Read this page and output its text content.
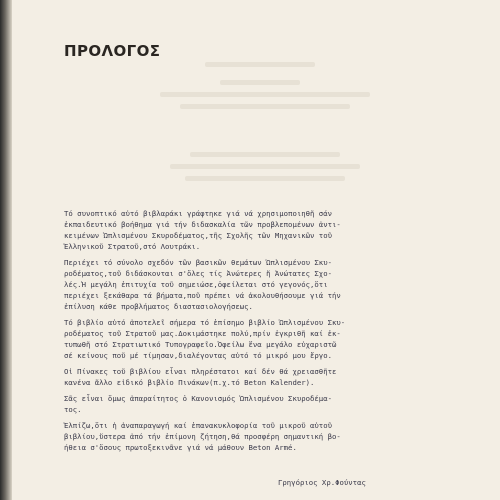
ΠΡΟΛΟΓΟΣ

Τό συνοπτικό αὐτό βιβλαράκι γράφτηκε γιά νά χρησιμοποιηθῆ σάν
ἐκπαιδευτικό βοήθημα γιά τήν διδασκαλία τῶν προβλεπομένων ἀντι-
κειμένων Ὡπλισμένου Σκυροδέματος,τῆς Σχολῆς τῶν Μηχανικῶν τοῦ
Ἑλληνικοῦ Στρατοῦ,στό Λουτράκι.

Περιέχει τό σύνολο σχεδόν τῶν βασικῶν θεμάτων Ὡπλισμένου Σκυ-
ροδέματος,τοῦ διδάσκονται σ'ὅλες τίς Ἀνώτερες ἤ Ἀνώτατες Σχο-
λές.Ἡ μεγάλη ἐπιτυχία τοῦ σημειώσε,ὀφείλεται στό γεγονός,ὅτι
περιέχει ξεκάθαρα τά βήματα,ποῦ πρέπει νά ἀκολουθήσουμε γιά τήν
ἐπίλυση κάθε προβλήματος διαστασιολογήσεως.

Τό βιβλίο αὐτό ἀποτελεῖ σήμερα τό ἐπίσημο βιβλίο Ὡπλισμένου Σκυ-
ροδέματος τοῦ Στρατοῦ μας.Δοκιμάστηκε πολύ,πρίν ἐγκριθῆ καί ἐκ-
τυπωθῆ στό Στρατιωτικό Τυπογραφεῖο.Ὀφείλω ἕνα μεγάλο εὐχαριστῶ
σέ κείνους ποῦ μέ τίμησαν,διαλέγοντας αὐτό τό μικρό μου ἔργο.

Οἱ Πίνακες τοῦ βιβλίου εἶναι πληρέστατοι καί δέν θά χρειασθῆτε
κανένα ἄλλο εἰδικό βιβλίο Πινάκων(π.χ.τό Beton Kalender).

Σᾶς εἶναι ὅμως ἀπαραίτητος ὁ Κανονισμός Ὡπλισμένου Σκυροδέμα-
τος.

Ἐλπίζω,ὅτι ἡ ἀναπαραγωγή καί ἐπανακυκλοφορία τοῦ μικροῦ αὐτοῦ
βιβλίου,ὕστερα ἀπό τήν ἐπίμονη ζήτηση,θά προσφέρη σημαντική βο-
ήθεια σ'ὅσους πρωτοξεκινᾶνε γιά νά μάθουν Beton Armé.

Γρηγόριος Χρ.Φούντας
